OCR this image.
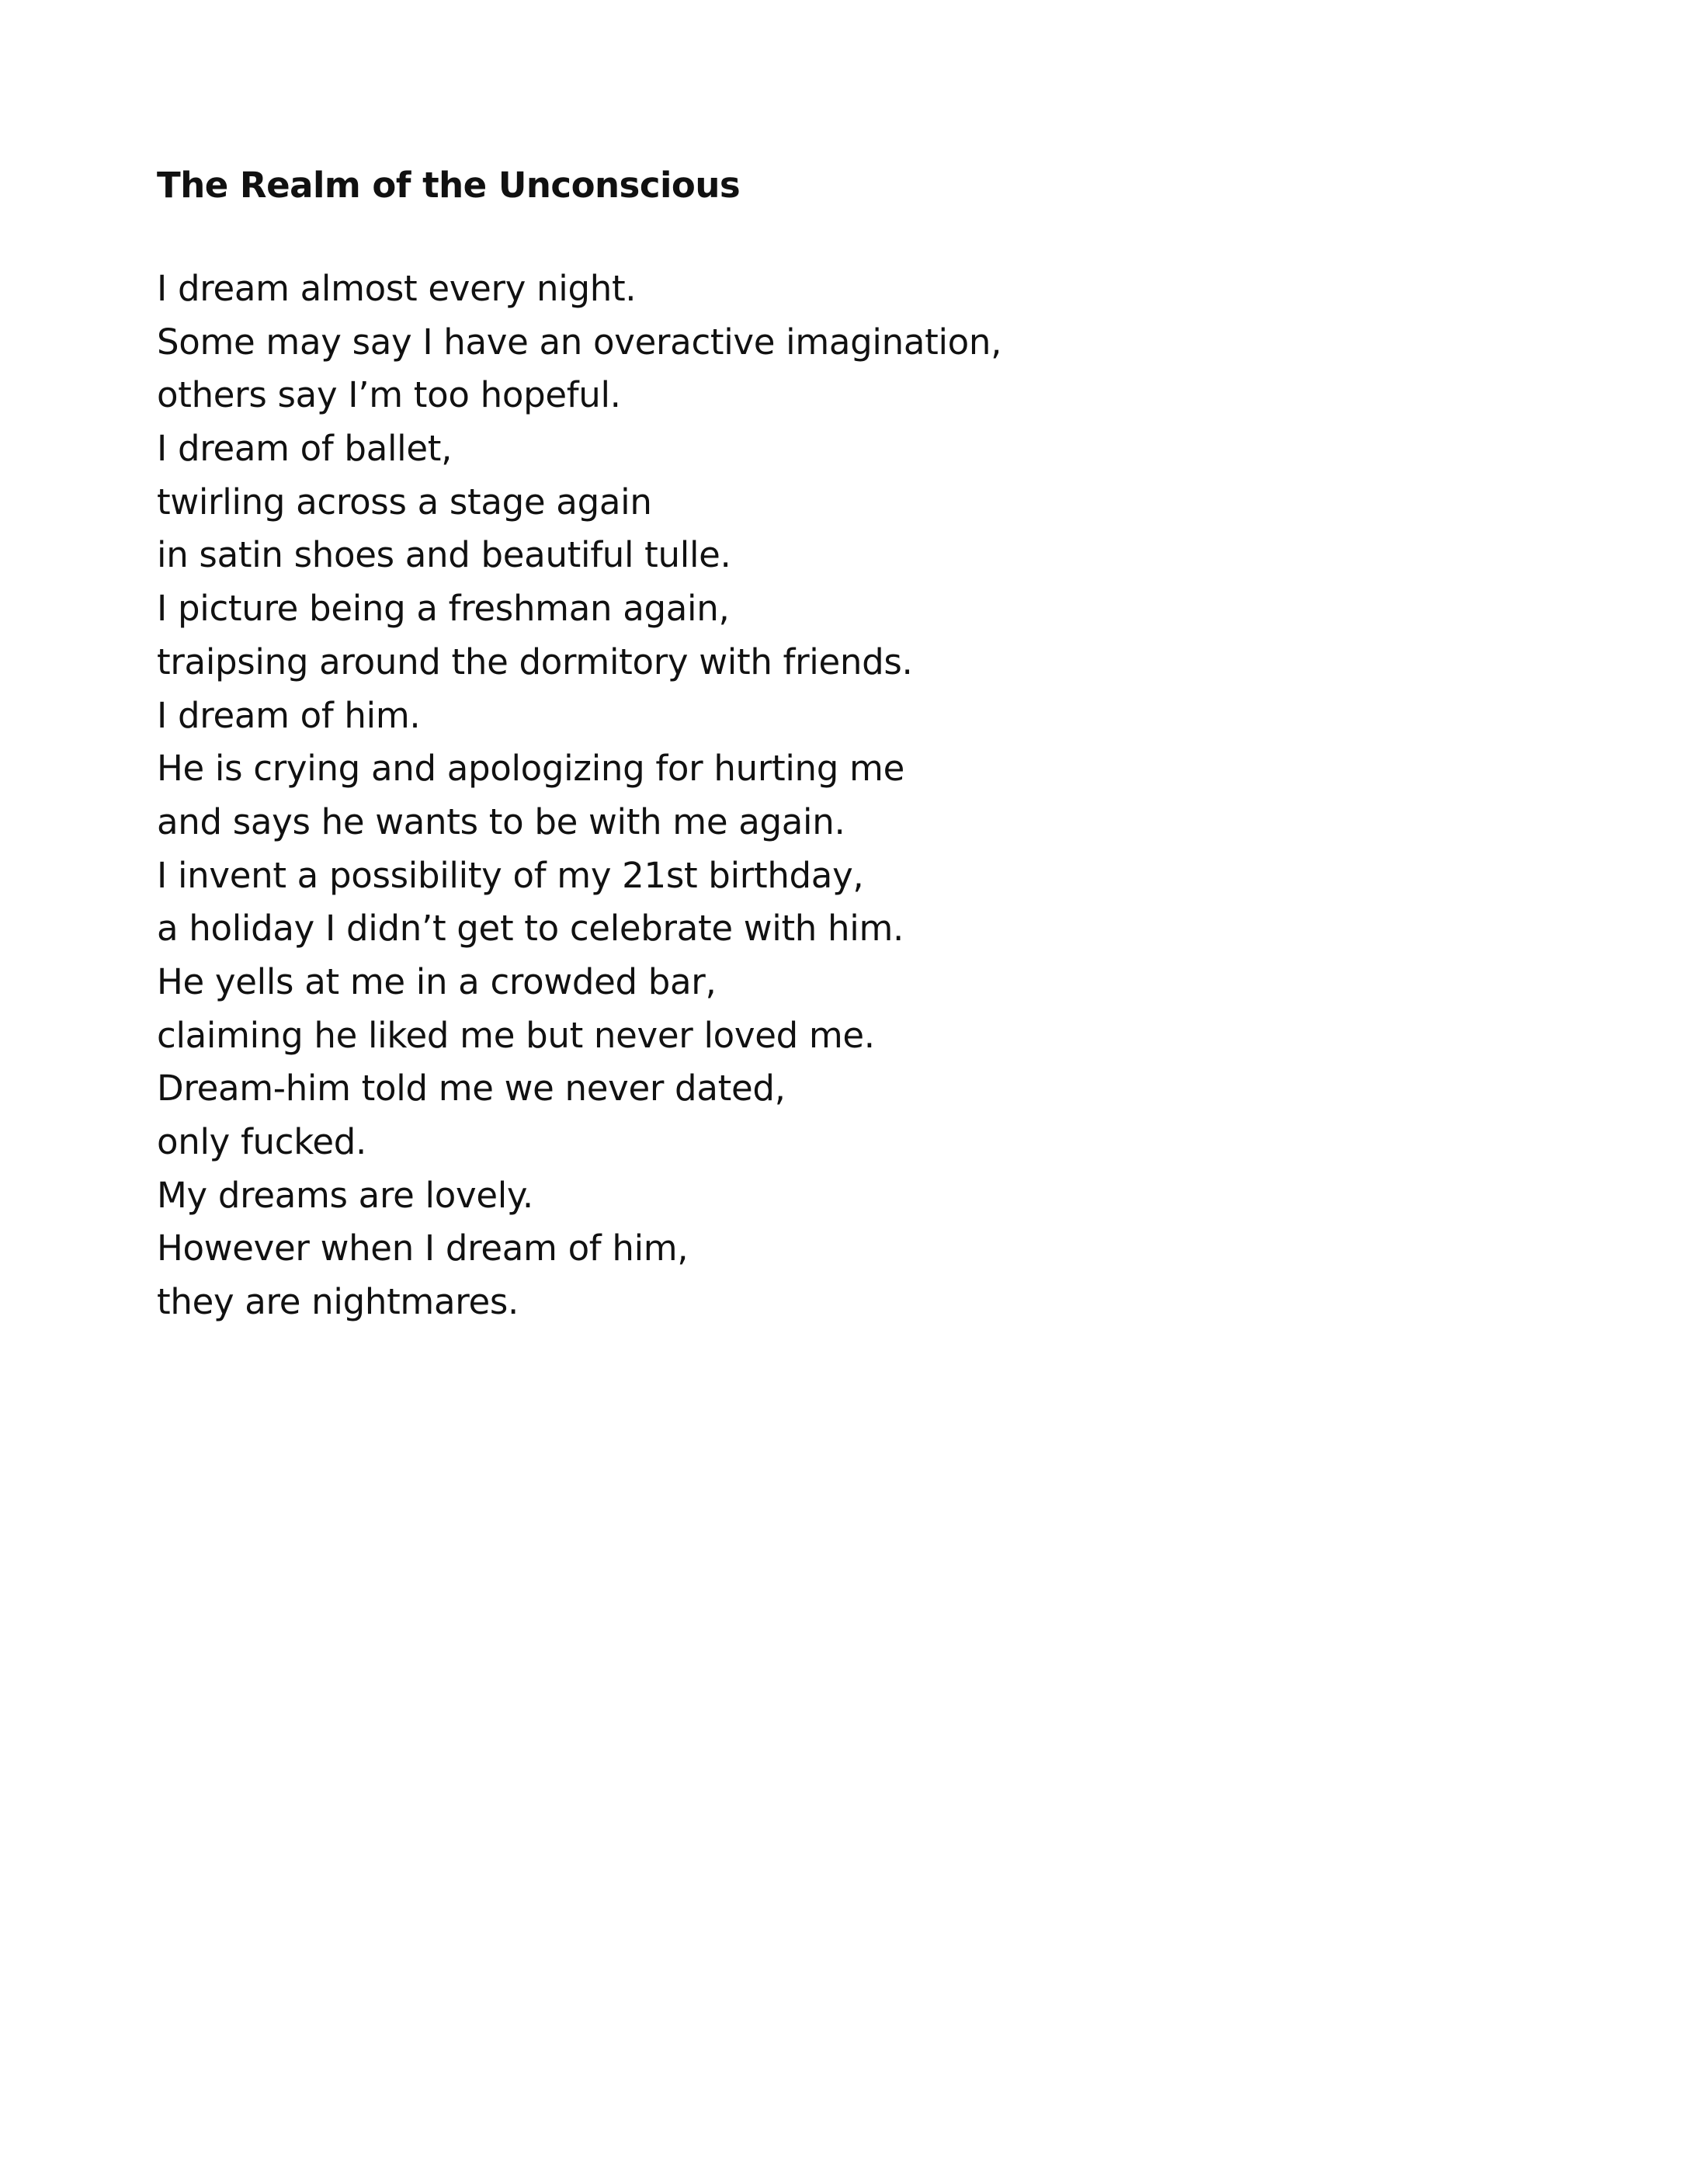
The Realm of the Unconscious
I dream almost every night.
Some may say I have an overactive imagination,
others say I’m too hopeful.
I dream of ballet,
twirling across a stage again
in satin shoes and beautiful tulle.
I picture being a freshman again,
traipsing around the dormitory with friends.
I dream of him.
He is crying and apologizing for hurting me
and says he wants to be with me again.
I invent a possibility of my 21st birthday,
a holiday I didn’t get to celebrate with him.
He yells at me in a crowded bar,
claiming he liked me but never loved me.
Dream-him told me we never dated,
only fucked.
My dreams are lovely.
However when I dream of him,
they are nightmares.
